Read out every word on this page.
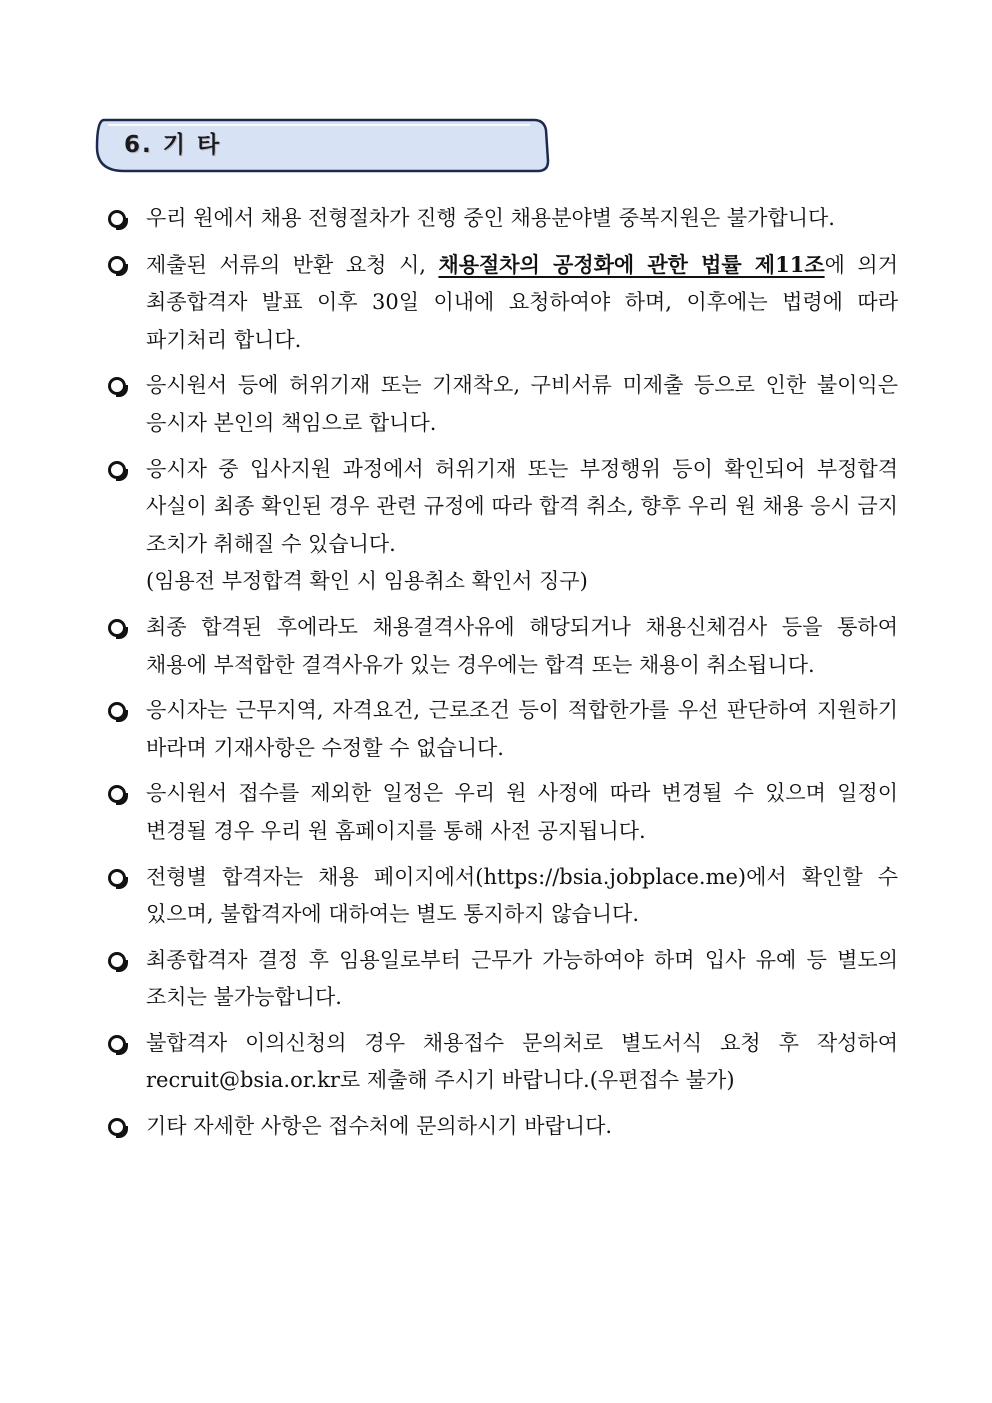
6. 기 타
우리 원에서 채용 전형절차가 진행 중인 채용분야별 중복지원은 불가합니다.
제출된 서류의 반환 요청 시, 채용절차의 공정화에 관한 법률 제11조에 의거 최종합격자 발표 이후 30일 이내에 요청하여야 하며, 이후에는 법령에 따라 파기처리 합니다.
응시원서 등에 허위기재 또는 기재착오, 구비서류 미제출 등으로 인한 불이익은 응시자 본인의 책임으로 합니다.
응시자 중 입사지원 과정에서 허위기재 또는 부정행위 등이 확인되어 부정합격 사실이 최종 확인된 경우 관련 규정에 따라 합격 취소, 향후 우리 원 채용 응시 금지 조치가 취해질 수 있습니다.
(임용전 부정합격 확인 시 임용취소 확인서 징구)
최종 합격된 후에라도 채용결격사유에 해당되거나 채용신체검사 등을 통하여 채용에 부적합한 결격사유가 있는 경우에는 합격 또는 채용이 취소됩니다.
응시자는 근무지역, 자격요건, 근로조건 등이 적합한가를 우선 판단하여 지원하기 바라며 기재사항은 수정할 수 없습니다.
응시원서 접수를 제외한 일정은 우리 원 사정에 따라 변경될 수 있으며 일정이 변경될 경우 우리 원 홈페이지를 통해 사전 공지됩니다.
전형별 합격자는 채용 페이지에서(https://bsia.jobplace.me)에서 확인할 수 있으며, 불합격자에 대하여는 별도 통지하지 않습니다.
최종합격자 결정 후 임용일로부터 근무가 가능하여야 하며 입사 유예 등 별도의 조치는 불가능합니다.
불합격자 이의신청의 경우 채용접수 문의처로 별도서식 요청 후 작성하여 recruit@bsia.or.kr로 제출해 주시기 바랍니다.(우편접수 불가)
기타 자세한 사항은 접수처에 문의하시기 바랍니다.
